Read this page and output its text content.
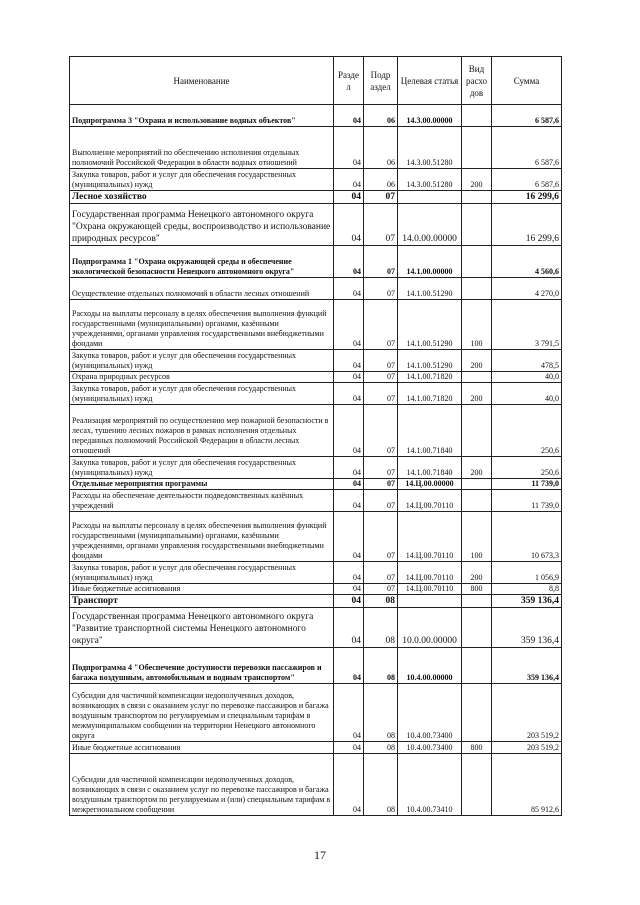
Наименование	Разде л	Подр аздел	Целевая статья	Вид расхо дов	Сумма
Подпрограмма 3 "Охрана и использование водных объектов"	04	06	14.3.00.00000		6 587,6
Выполнение мероприятий по обеспечению исполнения отдельных полномочий Российской Федерации в области водных отношений	04	06	14.3.00.51280		6 587,6
Закупка товаров, работ и услуг для обеспечения государственных (муниципальных) нужд	04	06	14.3.00.51280	200	6 587,6
Лесное хозяйство	04	07			16 299,6
Государственная программа Ненецкого автономного округа "Охрана окружающей среды, воспроизводство и использование природных ресурсов"	04	07	14.0.00.00000		16 299,6
Подпрограмма 1 "Охрана окружающей среды и обеспечение экологической безопасности Ненецкого автономного округа"	04	07	14.1.00.00000		4 560,6
Осуществление отдельных полномочий в области лесных отношений	04	07	14.1.00.51290		4 270,0
Расходы на выплаты персоналу в целях обеспечения выполнения функций государственными (муниципальными) органами, казёнными учреждениями, органами управления государственными внебюджетными фондами	04	07	14.1.00.51290	100	3 791,5
Закупка товаров, работ и услуг для обеспечения государственных (муниципальных) нужд	04	07	14.1.00.51290	200	478,5
Охрана природных ресурсов	04	07	14.1.00.71820		40,0
Закупка товаров, работ и услуг для обеспечения государственных (муниципальных) нужд	04	07	14.1.00.71820	200	40,0
Реализация мероприятий по осуществлению мер пожарной безопасности в лесах, тушению лесных пожаров в рамках исполнения отдельных переданных полномочий Российской Федерации в области лесных отношений	04	07	14.1.00.71840		250,6
Закупка товаров, работ и услуг для обеспечения государственных (муниципальных) нужд	04	07	14.1.00.71840	200	250,6
Отдельные мероприятия программы	04	07	14.Ц.00.00000		11 739,0
Расходы на обеспечение деятельности подведомственных казённых учреждений	04	07	14.Ц.00.70110		11 739,0
Расходы на выплаты персоналу в целях обеспечения выполнения функций государственными (муниципальными) органами, казёнными учреждениями, органами управления государственными внебюджетными фондами	04	07	14.Ц.00.70110	100	10 673,3
Закупка товаров, работ и услуг для обеспечения государственных (муниципальных) нужд	04	07	14.Ц.00.70110	200	1 056,9
Иные бюджетные ассигнования	04	07	14.Ц.00.70110	800	8,8
Транспорт	04	08			359 136,4
Государственная программа Ненецкого автономного округа "Развитие транспортной системы Ненецкого автономного округа"	04	08	10.0.00.00000		359 136,4
Подпрограмма 4 "Обеспечение доступности перевозки пассажиров и багажа воздушным, автомобильным и водным транспортом"	04	08	10.4.00.00000		359 136,4
Субсидии для частичной компенсации недополученных доходов, возникающих в связи с оказанием услуг по перевозке пассажиров и багажа воздушным транспортом по регулируемым и специальным тарифам в межмуниципальном сообщении на территории Ненецкого автономного округа	04	08	10.4.00.73400		203 519,2
Иные бюджетные ассигнования	04	08	10.4.00.73400	800	203 519,2
Субсидии для частичной компенсации недополученных доходов, возникающих в связи с оказанием услуг по перевозке пассажиров и багажа воздушным транспортом по регулируемым и (или) специальным тарифам в межрегиональном сообщении	04	08	10.4.00.73410		85 912,6
17
